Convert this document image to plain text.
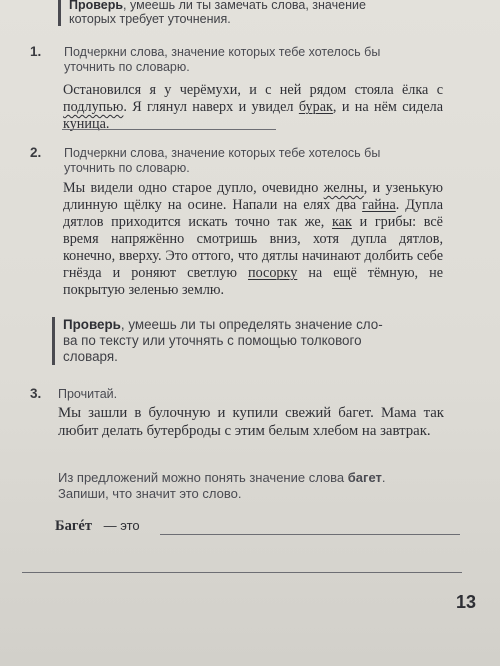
Проверь, умеешь ли ты замечать слова, значение
которых требует уточнения.
1. Подчеркни слова, значение которых тебе хотелось бы
уточнить по словарю.
Остановился я у черёмухи, и с ней рядом стояла ёлка с подлупью. Я глянул наверх и увидел бурак, и на нём сидела куница.
2. Подчеркни слова, значение которых тебе хотелось бы
уточнить по словарю.
Мы видели одно старое дупло, очевидно желны, и узенькую длинную щёлку на осине. Напали на елях два гайна. Дупла дятлов приходится искать точно так же, как и грибы: всё время напряжённо смотришь вниз, хотя дупла дятлов, конечно, вверху. Это оттого, что дятлы начинают долбить себе гнёзда и роняют светлую посорку на ещё тёмную, не покрытую зеленью землю.
Проверь, умеешь ли ты определять значение сло-
ва по тексту или уточнять с помощью толкового
словаря.
3. Прочитай.
Мы зашли в булочную и купили свежий багет. Мама так любит делать бутерброды с этим белым хлебом на завтрак.
Из предложений можно понять значение слова багет.
Запиши, что значит это слово.
Багéт — это
13
